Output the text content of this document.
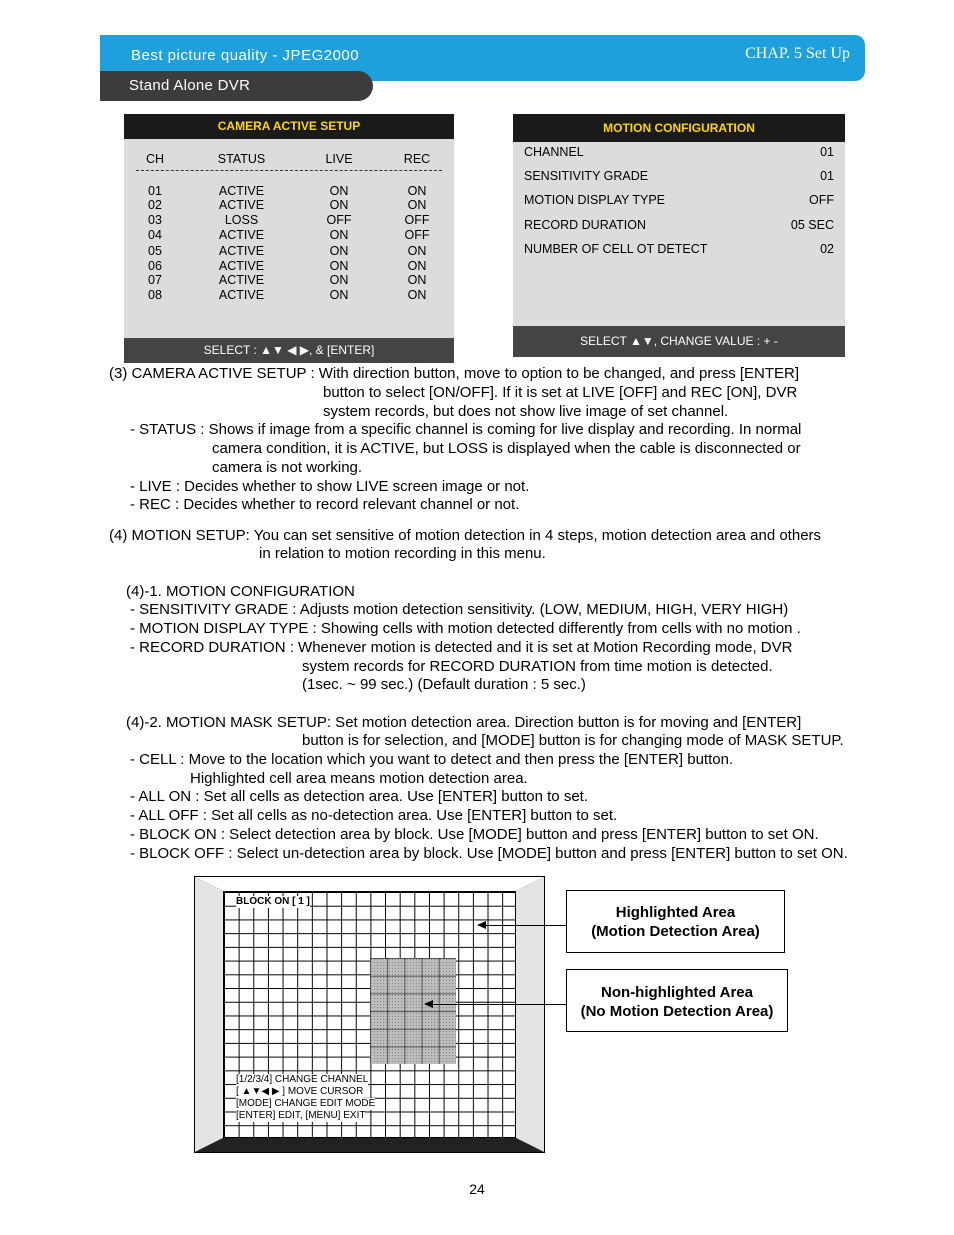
Best picture quality - JPEG2000	CHAP. 5 Set Up
Stand Alone DVR
CAMERA ACTIVE SETUP
CH	STATUS	LIVE	REC
01	ACTIVE	ON	ON
02	ACTIVE	ON	ON
03	LOSS	OFF	OFF
04	ACTIVE	ON	OFF
05	ACTIVE	ON	ON
06	ACTIVE	ON	ON
07	ACTIVE	ON	ON
08	ACTIVE	ON	ON
SELECT : ▲▼ ◀ ▶, & [ENTER]
MOTION CONFIGURATION
CHANNEL	01
SENSITIVITY GRADE	01
MOTION DISPLAY TYPE	OFF
RECORD DURATION	05 SEC
NUMBER OF CELL OT DETECT	02
SELECT ▲▼, CHANGE VALUE : + -
(3) CAMERA ACTIVE SETUP : With direction button, move to option to be changed, and press [ENTER]
button to select [ON/OFF]. If it is set at LIVE [OFF] and REC [ON], DVR
system records, but does not show live image of set channel.
- STATUS : Shows if image from a specific channel is coming for live display and recording. In normal
camera condition, it is ACTIVE, but LOSS is displayed when the cable is disconnected or
camera is not working.
- LIVE : Decides whether to show LIVE screen image or not.
- REC : Decides whether to record relevant channel or not.
(4) MOTION SETUP: You can set sensitive of motion detection in 4 steps, motion detection area and others
in relation to motion recording in this menu.
(4)-1. MOTION CONFIGURATION
- SENSITIVITY GRADE : Adjusts motion detection sensitivity. (LOW, MEDIUM, HIGH, VERY HIGH)
- MOTION DISPLAY TYPE : Showing cells with motion detected differently from cells with no motion .
- RECORD DURATION : Whenever motion is detected and it is set at Motion Recording mode, DVR
system records for RECORD DURATION from time motion is detected.
(1sec. ~ 99 sec.) (Default duration : 5 sec.)
(4)-2. MOTION MASK SETUP: Set motion detection area. Direction button is for moving and [ENTER]
button is for selection, and [MODE] button is for changing mode of MASK SETUP.
- CELL : Move to the location which you want to detect and then press the [ENTER] button.
Highlighted cell area means motion detection area.
- ALL ON : Set all cells as detection area. Use [ENTER] button to set.
- ALL OFF : Set all cells as no-detection area. Use [ENTER] button to set.
- BLOCK ON : Select detection area by block. Use [MODE] button and press [ENTER] button to set ON.
- BLOCK OFF : Select un-detection area by block. Use [MODE] button and press [ENTER] button to set ON.
BLOCK ON [ 1 ]
[1/2/3/4] CHANGE CHANNEL
[ ▲▼◀ ▶ ] MOVE CURSOR
[MODE] CHANGE EDIT MODE
[ENTER] EDIT, [MENU] EXIT
Highlighted Area
(Motion Detection Area)
Non-highlighted Area
(No Motion Detection Area)
24
